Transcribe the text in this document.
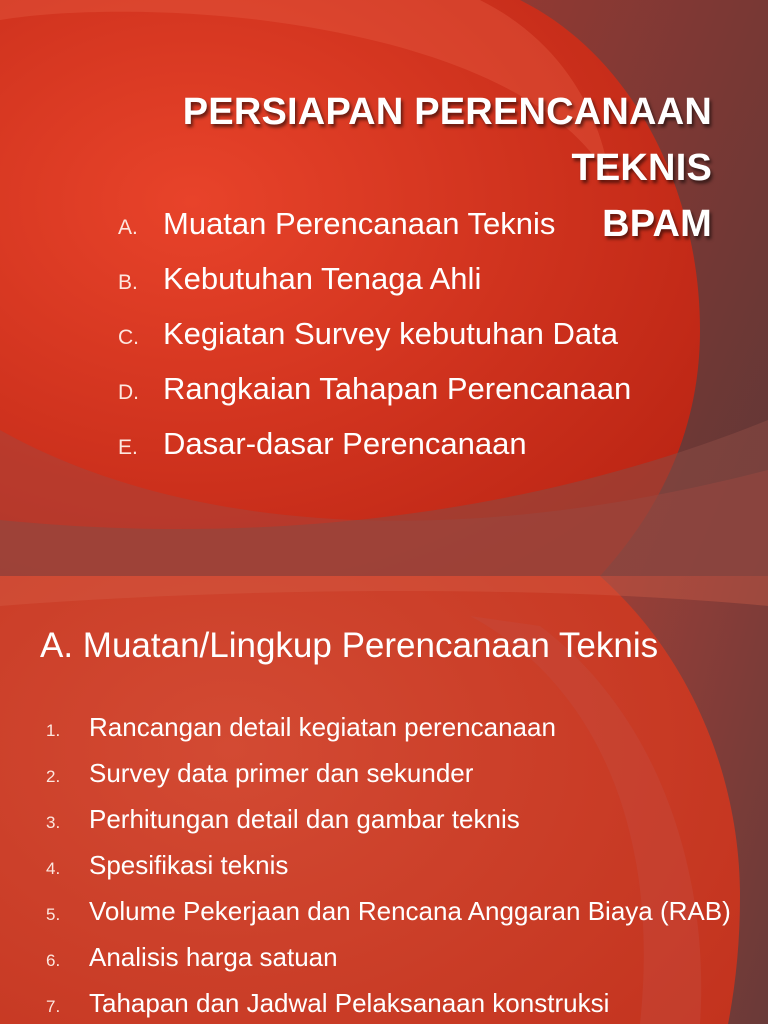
PERSIAPAN PERENCANAAN TEKNIS
BPAM
A. Muatan Perencanaan Teknis
B. Kebutuhan Tenaga Ahli
C. Kegiatan Survey kebutuhan Data
D. Rangkaian Tahapan Perencanaan
E. Dasar-dasar Perencanaan
A. Muatan/Lingkup Perencanaan Teknis
1.	Rancangan detail kegiatan perencanaan
2.	Survey data primer dan sekunder
3.	Perhitungan detail dan gambar teknis
4.	Spesifikasi teknis
5.	Volume Pekerjaan dan Rencana Anggaran Biaya (RAB)
6.	Analisis harga satuan
7.	Tahapan dan Jadwal Pelaksanaan konstruksi
